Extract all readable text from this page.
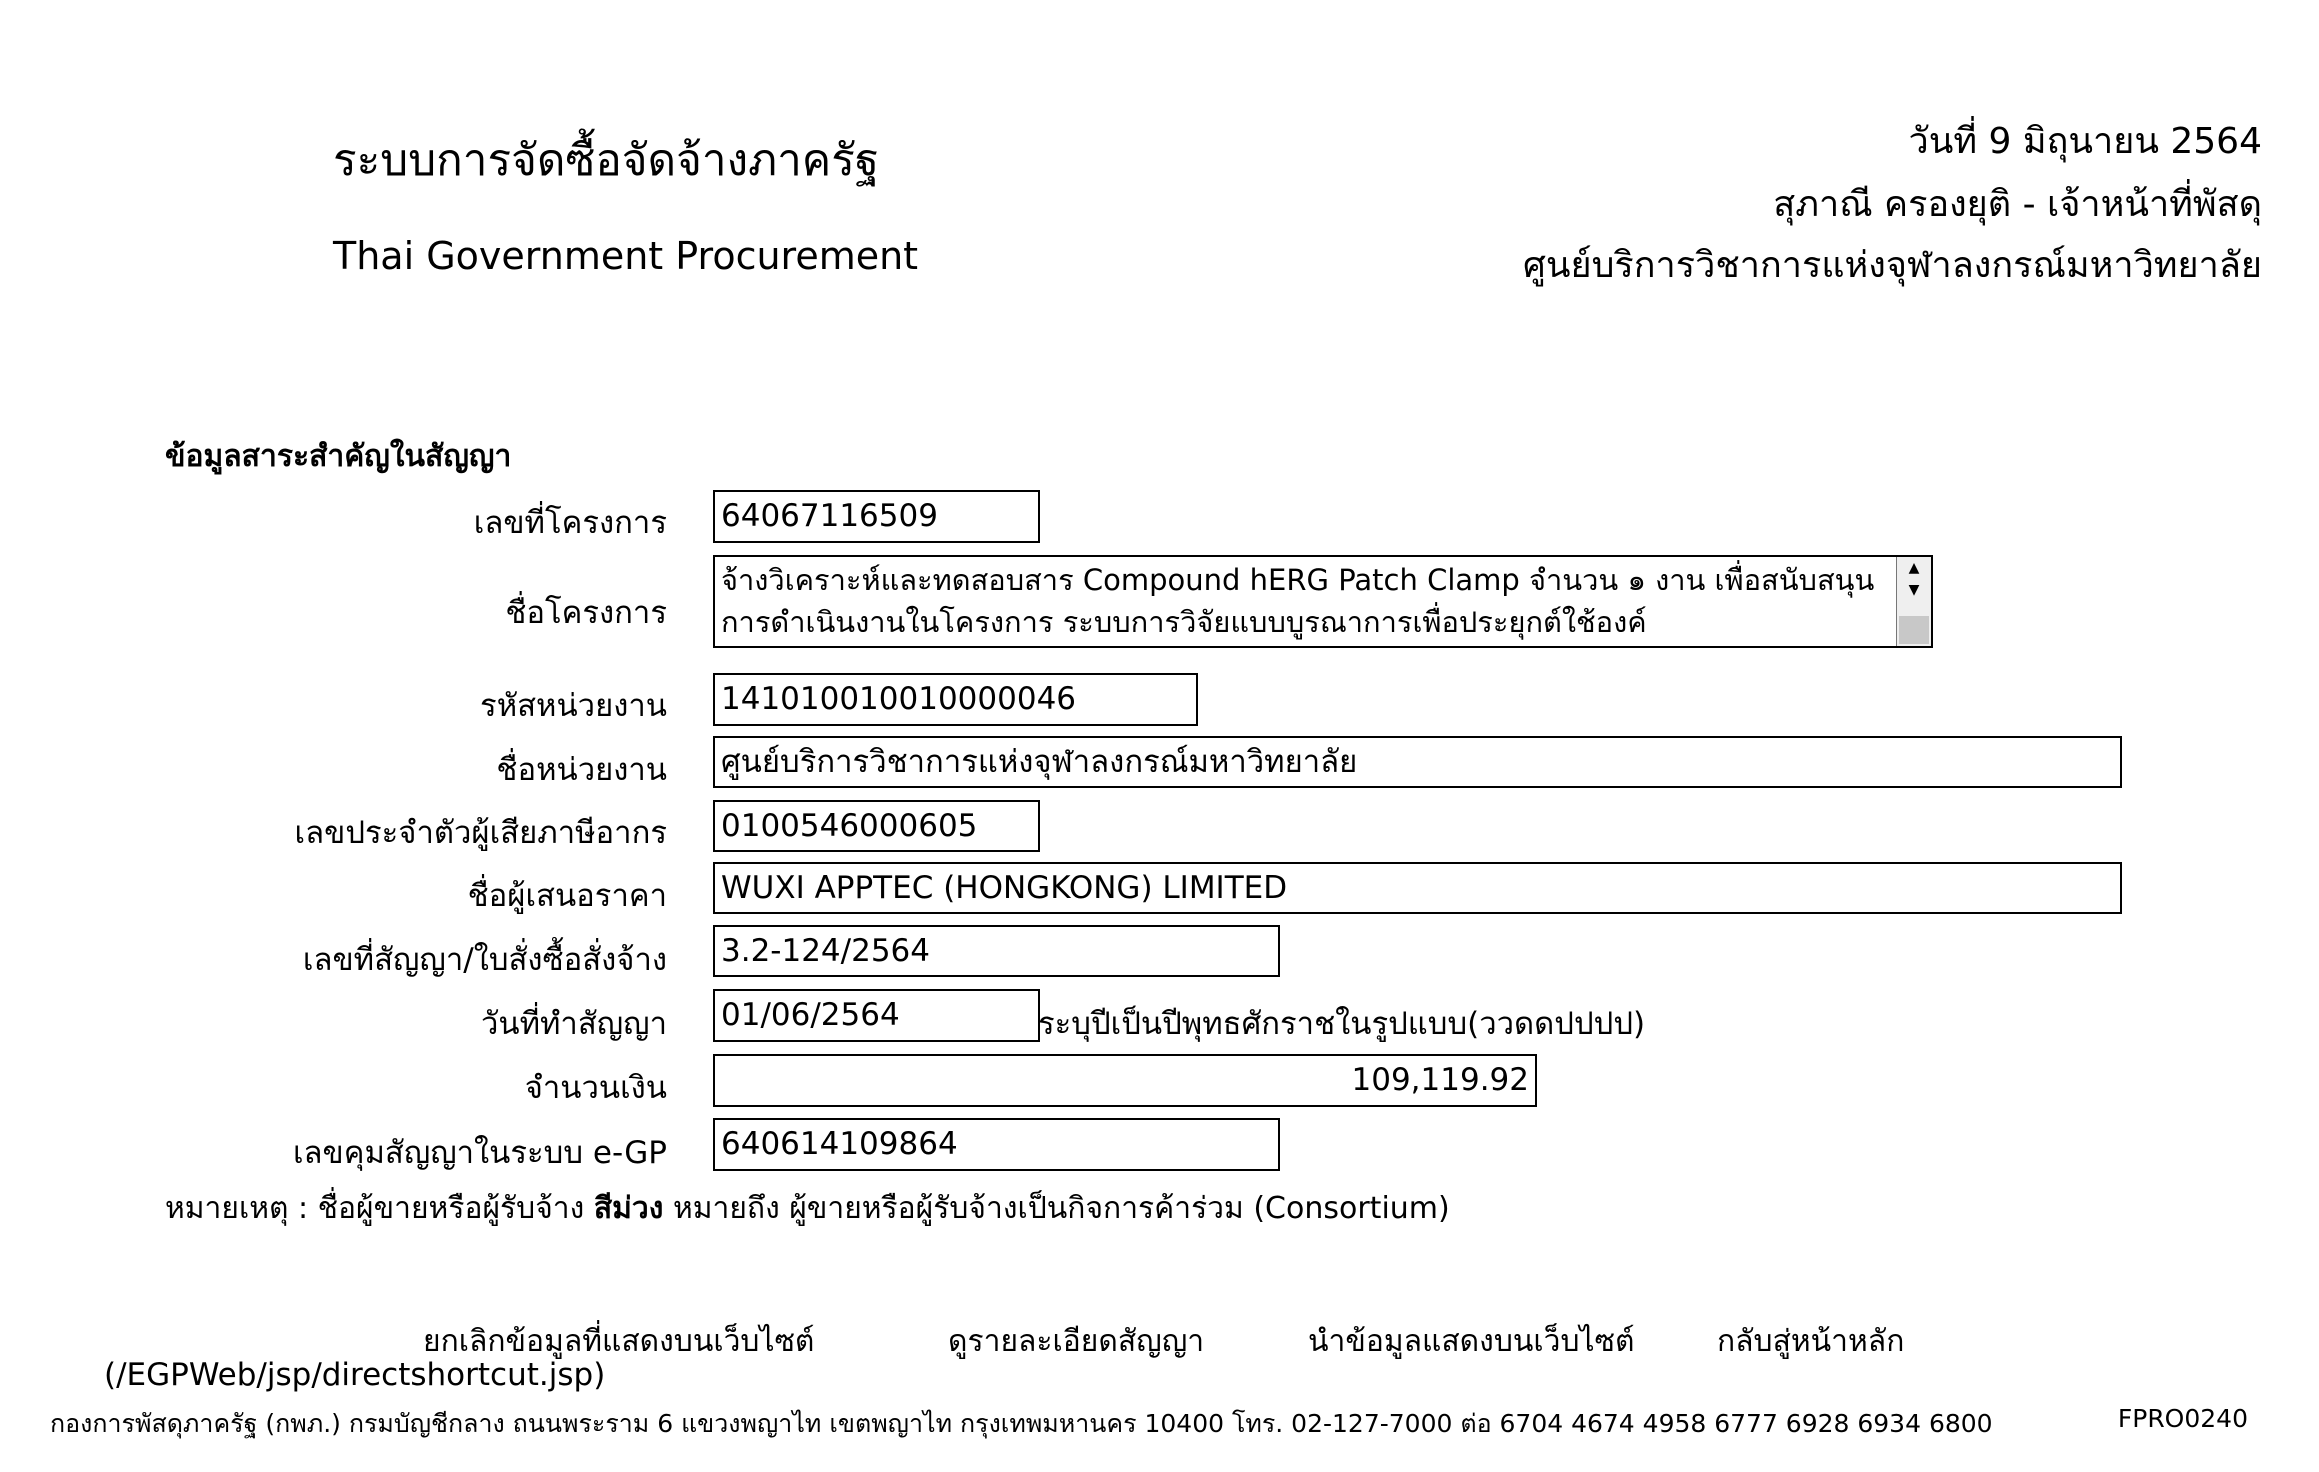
ระบบการจัดซื้อจัดจ้างภาครัฐ
Thai Government Procurement
วันที่ 9 มิถุนายน 2564
สุภาณี ครองยุติ - เจ้าหน้าที่พัสดุ
ศูนย์บริการวิชาการแห่งจุฬาลงกรณ์มหาวิทยาลัย
ข้อมูลสาระสำคัญในสัญญา
เลขที่โครงการ 64067116509
ชื่อโครงการ
จ้างวิเคราะห์และทดสอบสาร Compound hERG Patch Clamp จำนวน ๑ งาน เพื่อสนับสนุนการดำเนินงานในโครงการ ระบบการวิจัยแบบบูรณาการเพื่อประยุกต์ใช้องค์
▲
▼
รหัสหน่วยงาน 141010010010000046
ชื่อหน่วยงาน ศูนย์บริการวิชาการแห่งจุฬาลงกรณ์มหาวิทยาลัย
เลขประจำตัวผู้เสียภาษีอากร 0100546000605
ชื่อผู้เสนอราคา WUXI APPTEC (HONGKONG) LIMITED
เลขที่สัญญา/ใบสั่งซื้อสั่งจ้าง 3.2-124/2564
วันที่ทำสัญญา 01/06/2564	ระบุปีเป็นปีพุทธศักราชในรูปแบบ(ววดดปปปป)
จำนวนเงิน	109,119.92
เลขคุมสัญญาในระบบ e-GP 640614109864
หมายเหตุ : ชื่อผู้ขายหรือผู้รับจ้าง สีม่วง หมายถึง ผู้ขายหรือผู้รับจ้างเป็นกิจการค้าร่วม (Consortium)
ยกเลิกข้อมูลที่แสดงบนเว็บไซต์	ดูรายละเอียดสัญญา	นำข้อมูลแสดงบนเว็บไซต์	กลับสู่หน้าหลัก
(/EGPWeb/jsp/directshortcut.jsp)
กองการพัสดุภาครัฐ (กพภ.) กรมบัญชีกลาง ถนนพระราม 6 แขวงพญาไท เขตพญาไท กรุงเทพมหานคร 10400 โทร. 02-127-7000 ต่อ 6704 4674 4958 6777 6928 6934 6800	FPRO0240
